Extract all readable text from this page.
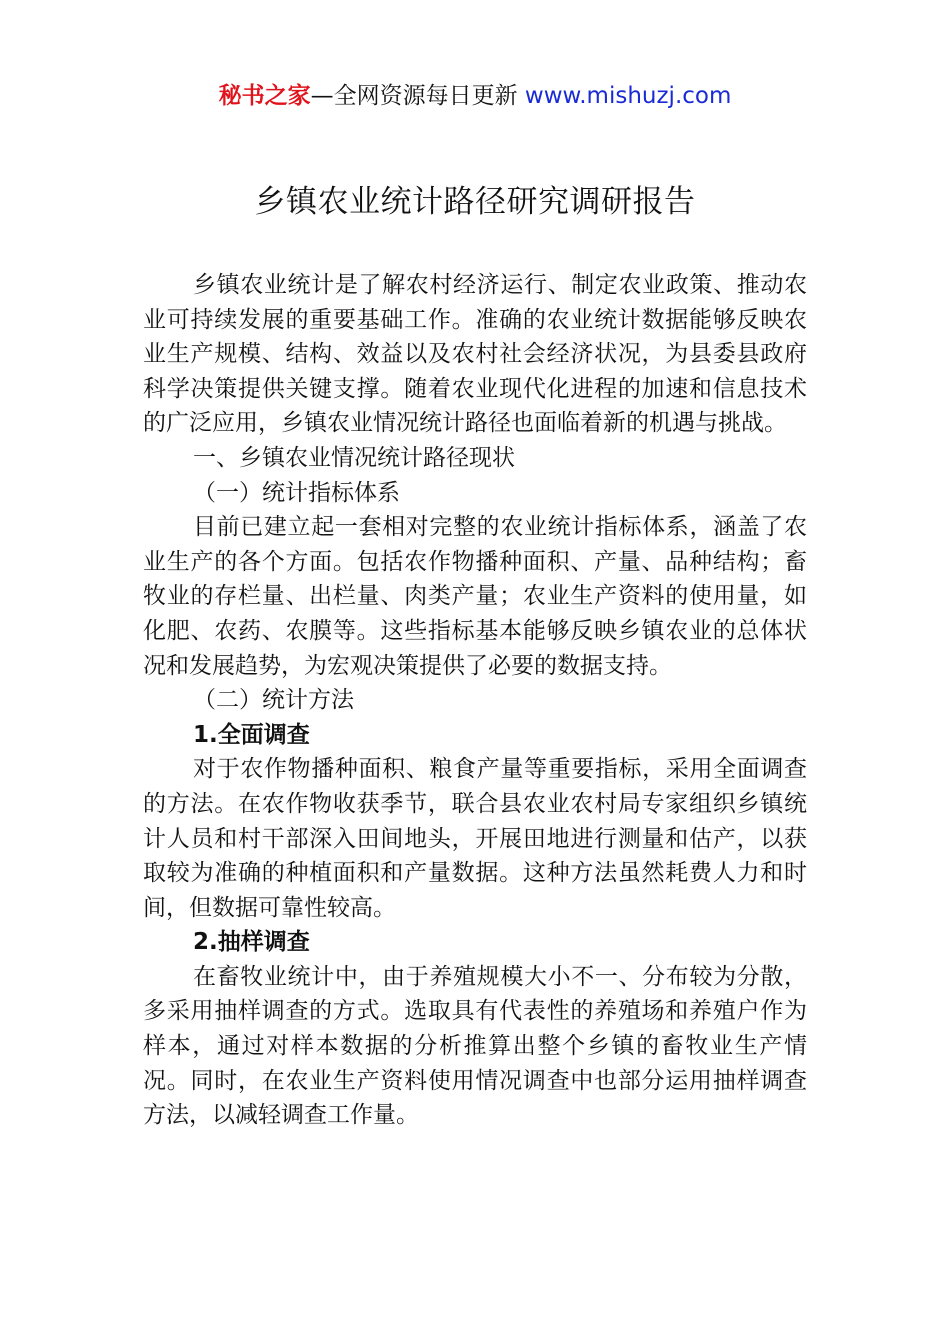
秘书之家—全网资源每日更新 www.mishuzj.com
乡镇农业统计路径研究调研报告

乡镇农业统计是了解农村经济运行、制定农业政策、推动农业可持续发展的重要基础工作。准确的农业统计数据能够反映农业生产规模、结构、效益以及农村社会经济状况，为县委县政府科学决策提供关键支撑。随着农业现代化进程的加速和信息技术的广泛应用，乡镇农业情况统计路径也面临着新的机遇与挑战。

一、乡镇农业情况统计路径现状

（一）统计指标体系

目前已建立起一套相对完整的农业统计指标体系，涵盖了农业生产的各个方面。包括农作物播种面积、产量、品种结构；畜牧业的存栏量、出栏量、肉类产量；农业生产资料的使用量，如化肥、农药、农膜等。这些指标基本能够反映乡镇农业的总体状况和发展趋势，为宏观决策提供了必要的数据支持。

（二）统计方法

1.全面调查

对于农作物播种面积、粮食产量等重要指标，采用全面调查的方法。在农作物收获季节，联合县农业农村局专家组织乡镇统计人员和村干部深入田间地头，开展田地进行测量和估产，以获取较为准确的种植面积和产量数据。这种方法虽然耗费人力和时间，但数据可靠性较高。

2.抽样调查

在畜牧业统计中，由于养殖规模大小不一、分布较为分散，多采用抽样调查的方式。选取具有代表性的养殖场和养殖户作为样本，通过对样本数据的分析推算出整个乡镇的畜牧业生产情况。同时，在农业生产资料使用情况调查中也部分运用抽样调查方法，以减轻调查工作量。
